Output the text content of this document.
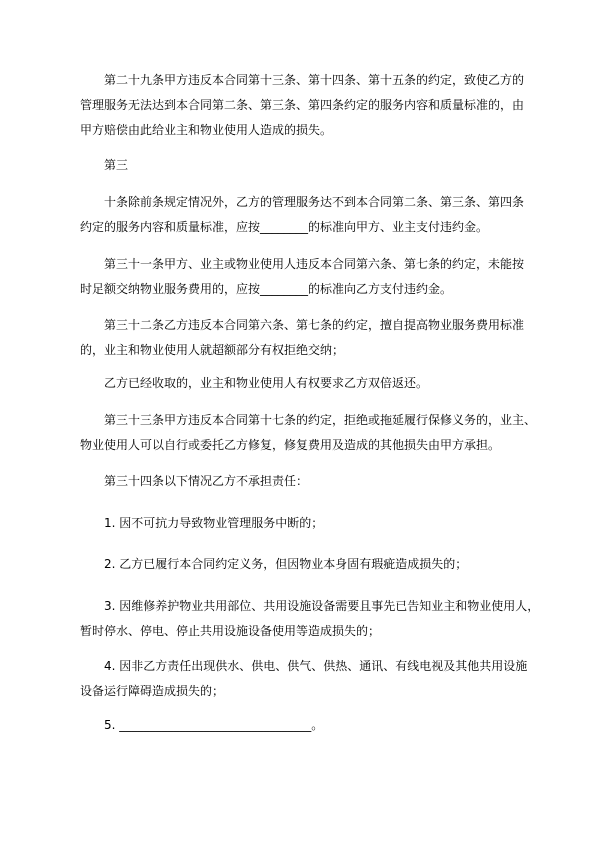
第二十九条甲方违反本合同第十三条、第十四条、第十五条的约定，致使乙方的
管理服务无法达到本合同第二条、第三条、第四条约定的服务内容和质量标准的，由
甲方赔偿由此给业主和物业使用人造成的损失。
第三
十条除前条规定情况外，乙方的管理服务达不到本合同第二条、第三条、第四条
约定的服务内容和质量标准，应按________的标准向甲方、业主支付违约金。
第三十一条甲方、业主或物业使用人违反本合同第六条、第七条的约定，未能按
时足额交纳物业服务费用的，应按________的标准向乙方支付违约金。
第三十二条乙方违反本合同第六条、第七条的约定，擅自提高物业服务费用标准
的，业主和物业使用人就超额部分有权拒绝交纳；
乙方已经收取的，业主和物业使用人有权要求乙方双倍返还。
第三十三条甲方违反本合同第十七条的约定，拒绝或拖延履行保修义务的，业主、
物业使用人可以自行或委托乙方修复，修复费用及造成的其他损失由甲方承担。
第三十四条以下情况乙方不承担责任：
1. 因不可抗力导致物业管理服务中断的；
2. 乙方已履行本合同约定义务，但因物业本身固有瑕疵造成损失的；
3. 因维修养护物业共用部位、共用设施设备需要且事先已告知业主和物业使用人，
暂时停水、停电、停止共用设施设备使用等造成损失的；
4. 因非乙方责任出现供水、供电、供气、供热、通讯、有线电视及其他共用设施
设备运行障碍造成损失的；
5. ________________________________。
